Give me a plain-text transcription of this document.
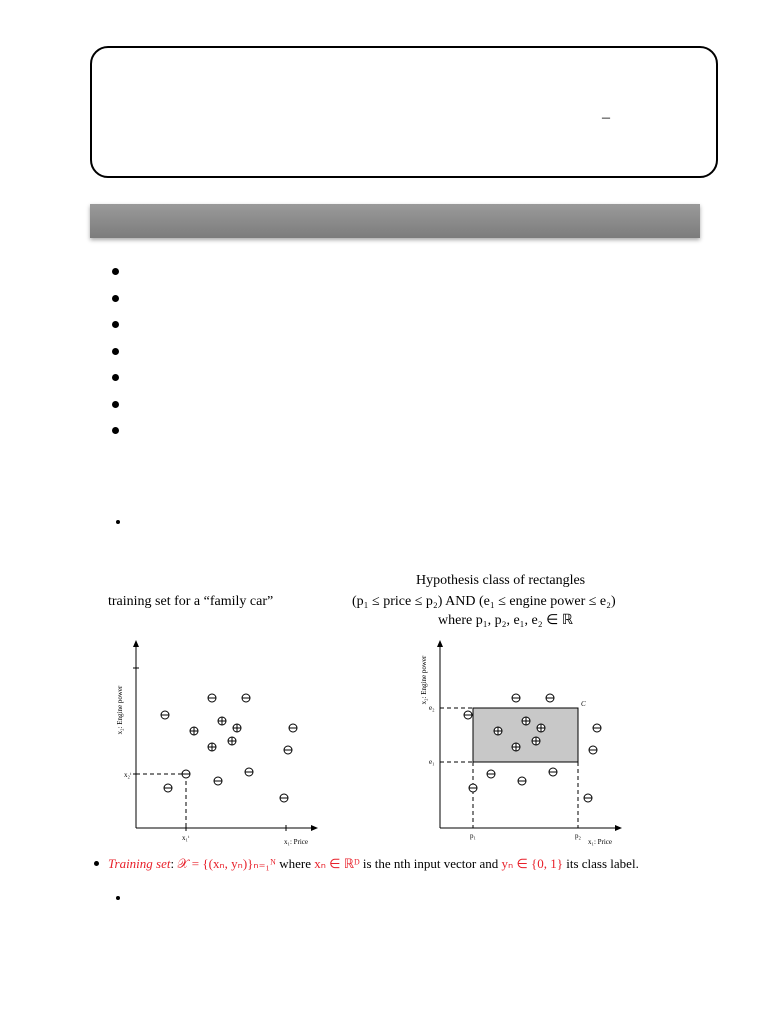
–
training set for a “family car”
Hypothesis class of rectangles
(p₁ ≤ price ≤ p₂) AND (e₁ ≤ engine power ≤ e₂)
where p₁, p₂, e₁, e₂ ∈ ℝ
x₂: Engine power
x₁: Price
x₁ᵗ
x₂ᵗ
x₂: Engine power
x₁: Price
p₁	p₂
e₂
e₁
C
Training set: 𝒳 = {(xₙ, yₙ)}ₙ₌₁ᴺ where xₙ ∈ ℝᴰ is the nth input vector and yₙ ∈ {0, 1} its class label.
